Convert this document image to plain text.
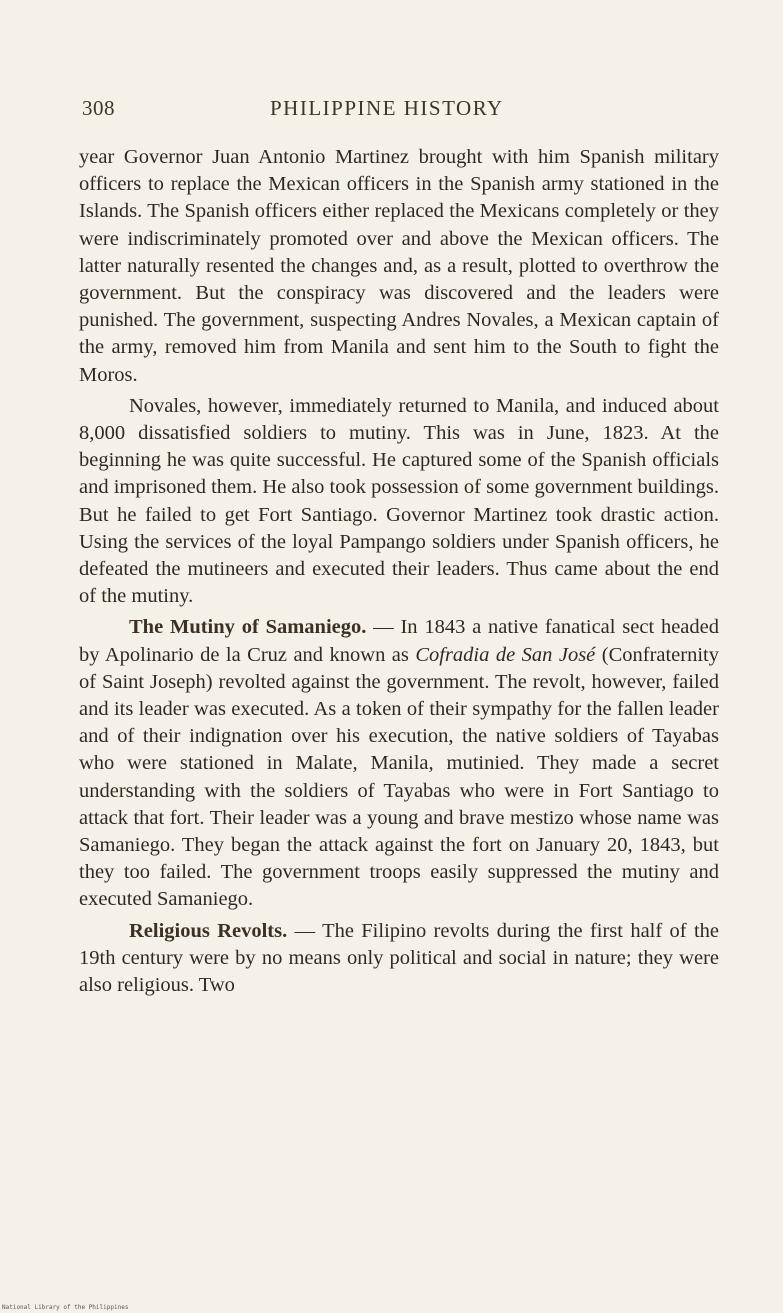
308	PHILIPPINE HISTORY

year Governor Juan Antonio Martinez brought with him Spanish military officers to replace the Mexican officers in the Spanish army stationed in the Islands. The Spanish officers either replaced the Mexicans completely or they were indiscriminately promoted over and above the Mexican officers. The latter naturally resented the changes and, as a result, plotted to overthrow the government. But the conspiracy was discovered and the leaders were punished. The government, suspecting Andres Novales, a Mexican captain of the army, removed him from Manila and sent him to the South to fight the Moros.

Novales, however, immediately returned to Manila, and induced about 8,000 dissatisfied soldiers to mutiny. This was in June, 1823. At the beginning he was quite successful. He captured some of the Spanish officials and imprisoned them. He also took possession of some government buildings. But he failed to get Fort Santiago. Governor Martinez took drastic action. Using the services of the loyal Pampango soldiers under Spanish officers, he defeated the mutineers and executed their leaders. Thus came about the end of the mutiny.

The Mutiny of Samaniego. — In 1843 a native fanatical sect headed by Apolinario de la Cruz and known as Cofradia de San José (Confraternity of Saint Joseph) revolted against the government. The revolt, however, failed and its leader was executed. As a token of their sympathy for the fallen leader and of their indignation over his execution, the native soldiers of Tayabas who were stationed in Malate, Manila, mutinied. They made a secret understanding with the soldiers of Tayabas who were in Fort Santiago to attack that fort. Their leader was a young and brave mestizo whose name was Samaniego. They began the attack against the fort on January 20, 1843, but they too failed. The government troops easily suppressed the mutiny and executed Samaniego.

Religious Revolts. — The Filipino revolts during the first half of the 19th century were by no means only political and social in nature; they were also religious. Two

National Library of the Philippines
